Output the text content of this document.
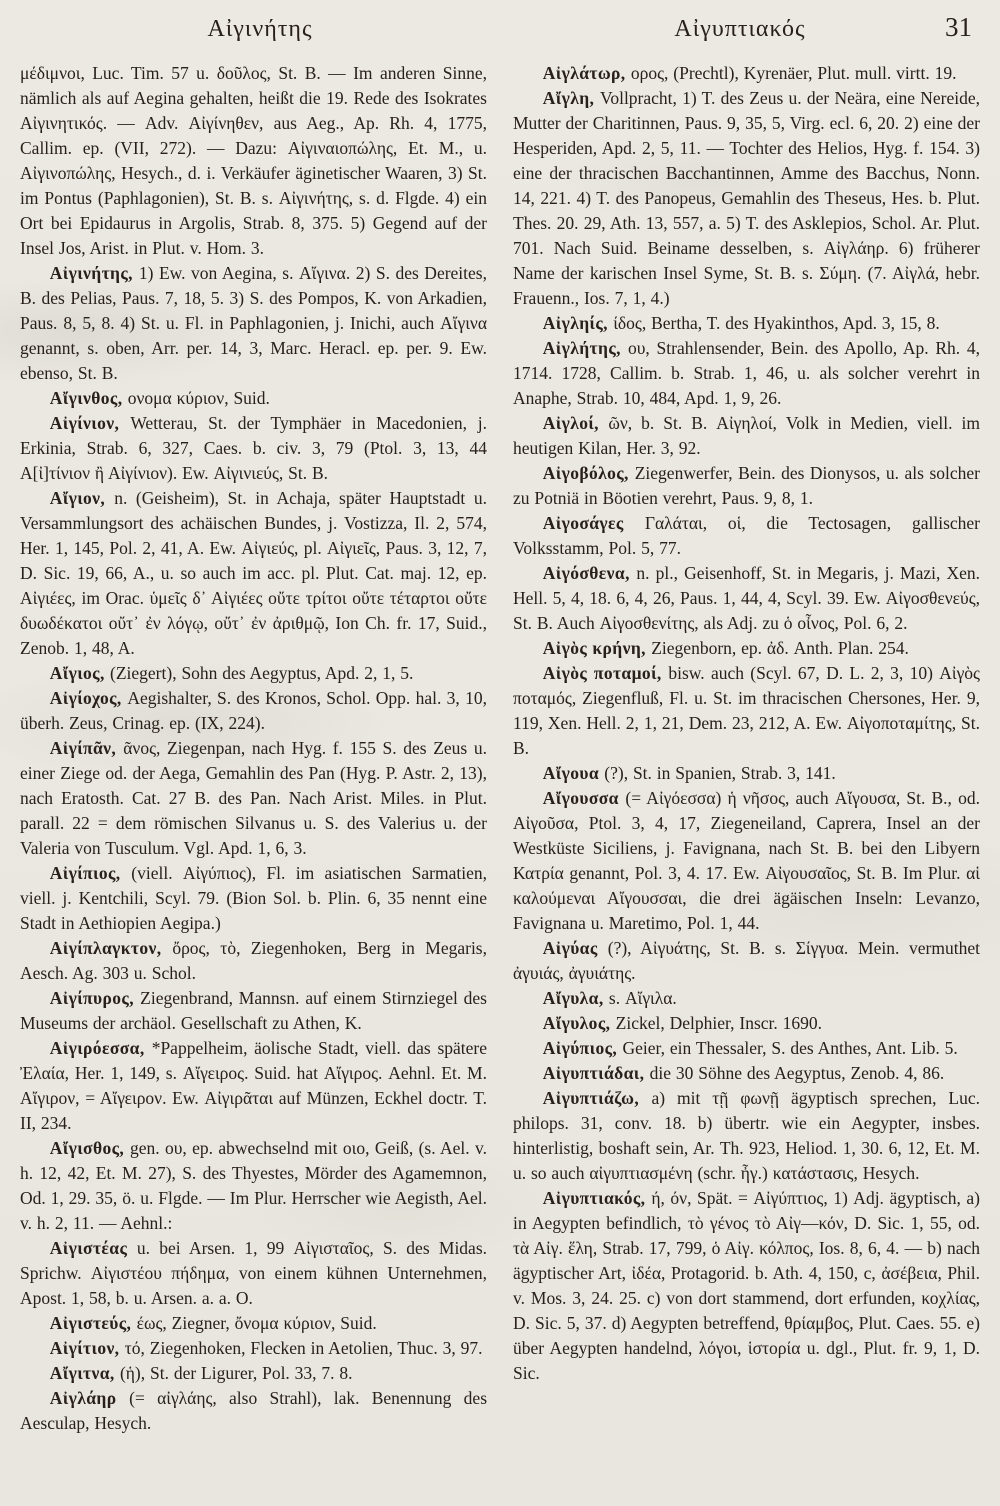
Αἰγινήτης	Αἰγυπτιακός	31

μέδιμνοι, Luc. Tim. 57 u. δοῦλος, St. B. — Im anderen Sinne, nämlich als auf Aegina gehalten, heißt die 19. Rede des Isokrates Αἰγινητικός. — Adv. Αἰγίνηθεν, aus Aeg., Ap. Rh. 4, 1775, Callim. ep. (VII, 272). — Dazu: Αἰγιναιοπώλης, Et. M., u. Αἰγινοπώλης, Hesych., d. i. Verkäufer äginetischer Waaren, 3) St. im Pontus (Paphlagonien), St. B. s. Αἰγινήτης, s. d. Flgde. 4) ein Ort bei Epidaurus in Argolis, Strab. 8, 375. 5) Gegend auf der Insel Jos, Arist. in Plut. v. Hom. 3.

Αἰγινήτης, 1) Ew. von Aegina, s. Αἴγινα. 2) S. des Dereites, B. des Pelias, Paus. 7, 18, 5. 3) S. des Pompos, K. von Arkadien, Paus. 8, 5, 8. 4) St. u. Fl. in Paphlagonien, j. Inichi, auch Αἴγινα genannt, s. oben, Arr. per. 14, 3, Marc. Heracl. ep. per. 9. Ew. ebenso, St. B.

Αἴγινθος, ονομα κύριον, Suid.

Αἰγίνιον, Wetterau, St. der Tymphäer in Macedonien, j. Erkinia, Strab. 6, 327, Caes. b. civ. 3, 79 (Ptol. 3, 13, 44 Α[ἰ]τίνιον ἢ Αἰγίνιον). Ew. Αἰγινιεύς, St. B.

Αἴγιον, n. (Geisheim), St. in Achaja, später Hauptstadt u. Versammlungsort des achäischen Bundes, j. Vostizza, Il. 2, 574, Her. 1, 145, Pol. 2, 41, A. Ew. Αἰγιεύς, pl. Αἰγιεῖς, Paus. 3, 12, 7, D. Sic. 19, 66, A., u. so auch im acc. pl. Plut. Cat. maj. 12, ep. Αἰγιέες, im Orac. ὑμεῖς δ᾽ Αἰγιέες οὔτε τρίτοι οὔτε τέταρτοι οὔτε δυωδέκατοι οὔτ᾽ ἐν λόγῳ, οὔτ᾽ ἐν ἀριθμῷ, Ion Ch. fr. 17, Suid., Zenob. 1, 48, A.

Αἴγιος, (Ziegert), Sohn des Aegyptus, Apd. 2, 1, 5.

Αἰγίοχος, Aegishalter, S. des Kronos, Schol. Opp. hal. 3, 10, überh. Zeus, Crinag. ep. (IX, 224).

Αἰγίπᾶν, ᾶνος, Ziegenpan, nach Hyg. f. 155 S. des Zeus u. einer Ziege od. der Aega, Gemahlin des Pan (Hyg. P. Astr. 2, 13), nach Eratosth. Cat. 27 B. des Pan. Nach Arist. Miles. in Plut. parall. 22 = dem römischen Silvanus u. S. des Valerius u. der Valeria von Tusculum. Vgl. Apd. 1, 6, 3.

Αἰγίπιος, (viell. Αἰγύπιος), Fl. im asiatischen Sarmatien, viell. j. Kentchili, Scyl. 79. (Bion Sol. b. Plin. 6, 35 nennt eine Stadt in Aethiopien Aegipa.)

Αἰγίπλαγκτον, ὄρος, τὸ, Ziegenhoken, Berg in Megaris, Aesch. Ag. 303 u. Schol.

Αἰγίπυρος, Ziegenbrand, Mannsn. auf einem Stirnziegel des Museums der archäol. Gesellschaft zu Athen, K.

Αἰγιρόεσσα, *Pappelheim, äolische Stadt, viell. das spätere Ἐλαία, Her. 1, 149, s. Αἴγειρος. Suid. hat Αἴγιρος. Aehnl. Et. M. Αἴγιρον, = Αἴγειρον. Ew. Αἰγιρᾶται auf Münzen, Eckhel doctr. T. II, 234.

Αἴγισθος, gen. ου, ep. abwechselnd mit οιο, Geiß, (s. Ael. v. h. 12, 42, Et. M. 27), S. des Thyestes, Mörder des Agamemnon, Od. 1, 29. 35, ö. u. Flgde. — Im Plur. Herrscher wie Aegisth, Ael. v. h. 2, 11. — Aehnl.:

Αἰγιστέας u. bei Arsen. 1, 99 Αἰγισταῖος, S. des Midas. Sprichw. Αἰγιστέου πήδημα, von einem kühnen Unternehmen, Apost. 1, 58, b. u. Arsen. a. a. O.

Αἰγιστεύς, έως, Ziegner, ὄνομα κύριον, Suid.

Αἰγίτιον, τό, Ziegenhoken, Flecken in Aetolien, Thuc. 3, 97.

Αἴγιτνα, (ἡ), St. der Ligurer, Pol. 33, 7. 8.

Αἰγλάηρ (= αἰγλάης, also Strahl), lak. Benennung des Aesculap, Hesych.

Αἰγλάτωρ, ορος, (Prechtl), Kyrenäer, Plut. mull. virtt. 19.

Αἴγλη, Vollpracht, 1) T. des Zeus u. der Neära, eine Nereide, Mutter der Charitinnen, Paus. 9, 35, 5, Virg. ecl. 6, 20. 2) eine der Hesperiden, Apd. 2, 5, 11. — Tochter des Helios, Hyg. f. 154. 3) eine der thracischen Bacchantinnen, Amme des Bacchus, Nonn. 14, 221. 4) T. des Panopeus, Gemahlin des Theseus, Hes. b. Plut. Thes. 20. 29, Ath. 13, 557, a. 5) T. des Asklepios, Schol. Ar. Plut. 701. Nach Suid. Beiname desselben, s. Αἰγλάηρ. 6) früherer Name der karischen Insel Syme, St. B. s. Σύμη. (7. Αἰγλά, hebr. Frauenn., Ios. 7, 1, 4.)

Αἰγληίς, ίδος, Bertha, T. des Hyakinthos, Apd. 3, 15, 8.

Αἰγλήτης, ου, Strahlensender, Bein. des Apollo, Ap. Rh. 4, 1714. 1728, Callim. b. Strab. 1, 46, u. als solcher verehrt in Anaphe, Strab. 10, 484, Apd. 1, 9, 26.

Αἰγλοί, ῶν, b. St. B. Αἰγηλοί, Volk in Medien, viell. im heutigen Kilan, Her. 3, 92.

Αἰγοβόλος, Ziegenwerfer, Bein. des Dionysos, u. als solcher zu Potniä in Böotien verehrt, Paus. 9, 8, 1.

Αἰγοσάγες Γαλάται, οἱ, die Tectosagen, gallischer Volksstamm, Pol. 5, 77.

Αἰγόσθενα, n. pl., Geisenhoff, St. in Megaris, j. Mazi, Xen. Hell. 5, 4, 18. 6, 4, 26, Paus. 1, 44, 4, Scyl. 39. Ew. Αἰγοσθενεύς, St. B. Auch Αἰγοσθενίτης, als Adj. zu ὁ οἶνος, Pol. 6, 2.

Αἰγὸς κρήνη, Ziegenborn, ep. ἀδ. Anth. Plan. 254.

Αἰγὸς ποταμοί, bisw. auch (Scyl. 67, D. L. 2, 3, 10) Αἰγὸς ποταμός, Ziegenfluß, Fl. u. St. im thracischen Chersones, Her. 9, 119, Xen. Hell. 2, 1, 21, Dem. 23, 212, A. Ew. Αἰγοποταμίτης, St. B.

Αἴγουα (?), St. in Spanien, Strab. 3, 141.

Αἴγουσσα (= Αἰγόεσσα) ἡ νῆσος, auch Αἴγουσα, St. B., od. Αἰγοῦσα, Ptol. 3, 4, 17, Ziegeneiland, Caprera, Insel an der Westküste Siciliens, j. Favignana, nach St. B. bei den Libyern Κατρία genannt, Pol. 3, 4. 17. Ew. Αἰγουσαῖος, St. B. Im Plur. αἱ καλούμεναι Αἴγουσσαι, die drei ägäischen Inseln: Levanzo, Favignana u. Maretimo, Pol. 1, 44.

Αἰγύας (?), Αἰγυάτης, St. B. s. Σίγγυα. Mein. vermuthet ἀγυιάς, ἀγυιάτης.

Αἴγυλα, s. Αἴγιλα.

Αἴγυλος, Zickel, Delphier, Inscr. 1690.

Αἰγύπιος, Geier, ein Thessaler, S. des Anthes, Ant. Lib. 5.

Αἰγυπτιάδαι, die 30 Söhne des Aegyptus, Zenob. 4, 86.

Αἰγυπτιάζω, a) mit τῇ φωνῇ ägyptisch sprechen, Luc. philops. 31, conv. 18. b) übertr. wie ein Aegypter, insbes. hinterlistig, boshaft sein, Ar. Th. 923, Heliod. 1, 30. 6, 12, Et. M. u. so auch αἰγυπτιασμένη (schr. ἦγ.) κατάστασις, Hesych.

Αἰγυπτιακός, ή, όν, Spät. = Αἰγύπτιος, 1) Adj. ägyptisch, a) in Aegypten befindlich, τὸ γένος τὸ Αἰγ—κόν, D. Sic. 1, 55, od. τὰ Αἰγ. ἕλη, Strab. 17, 799, ὁ Αἰγ. κόλπος, Ios. 8, 6, 4. — b) nach ägyptischer Art, ἰδέα, Protagorid. b. Ath. 4, 150, c, ἀσέβεια, Phil. v. Mos. 3, 24. 25. c) von dort stammend, dort erfunden, κοχλίας, D. Sic. 5, 37. d) Aegypten betreffend, θρίαμβος, Plut. Caes. 55. e) über Aegypten handelnd, λόγοι, ἱστορία u. dgl., Plut. fr. 9, 1, D. Sic.
